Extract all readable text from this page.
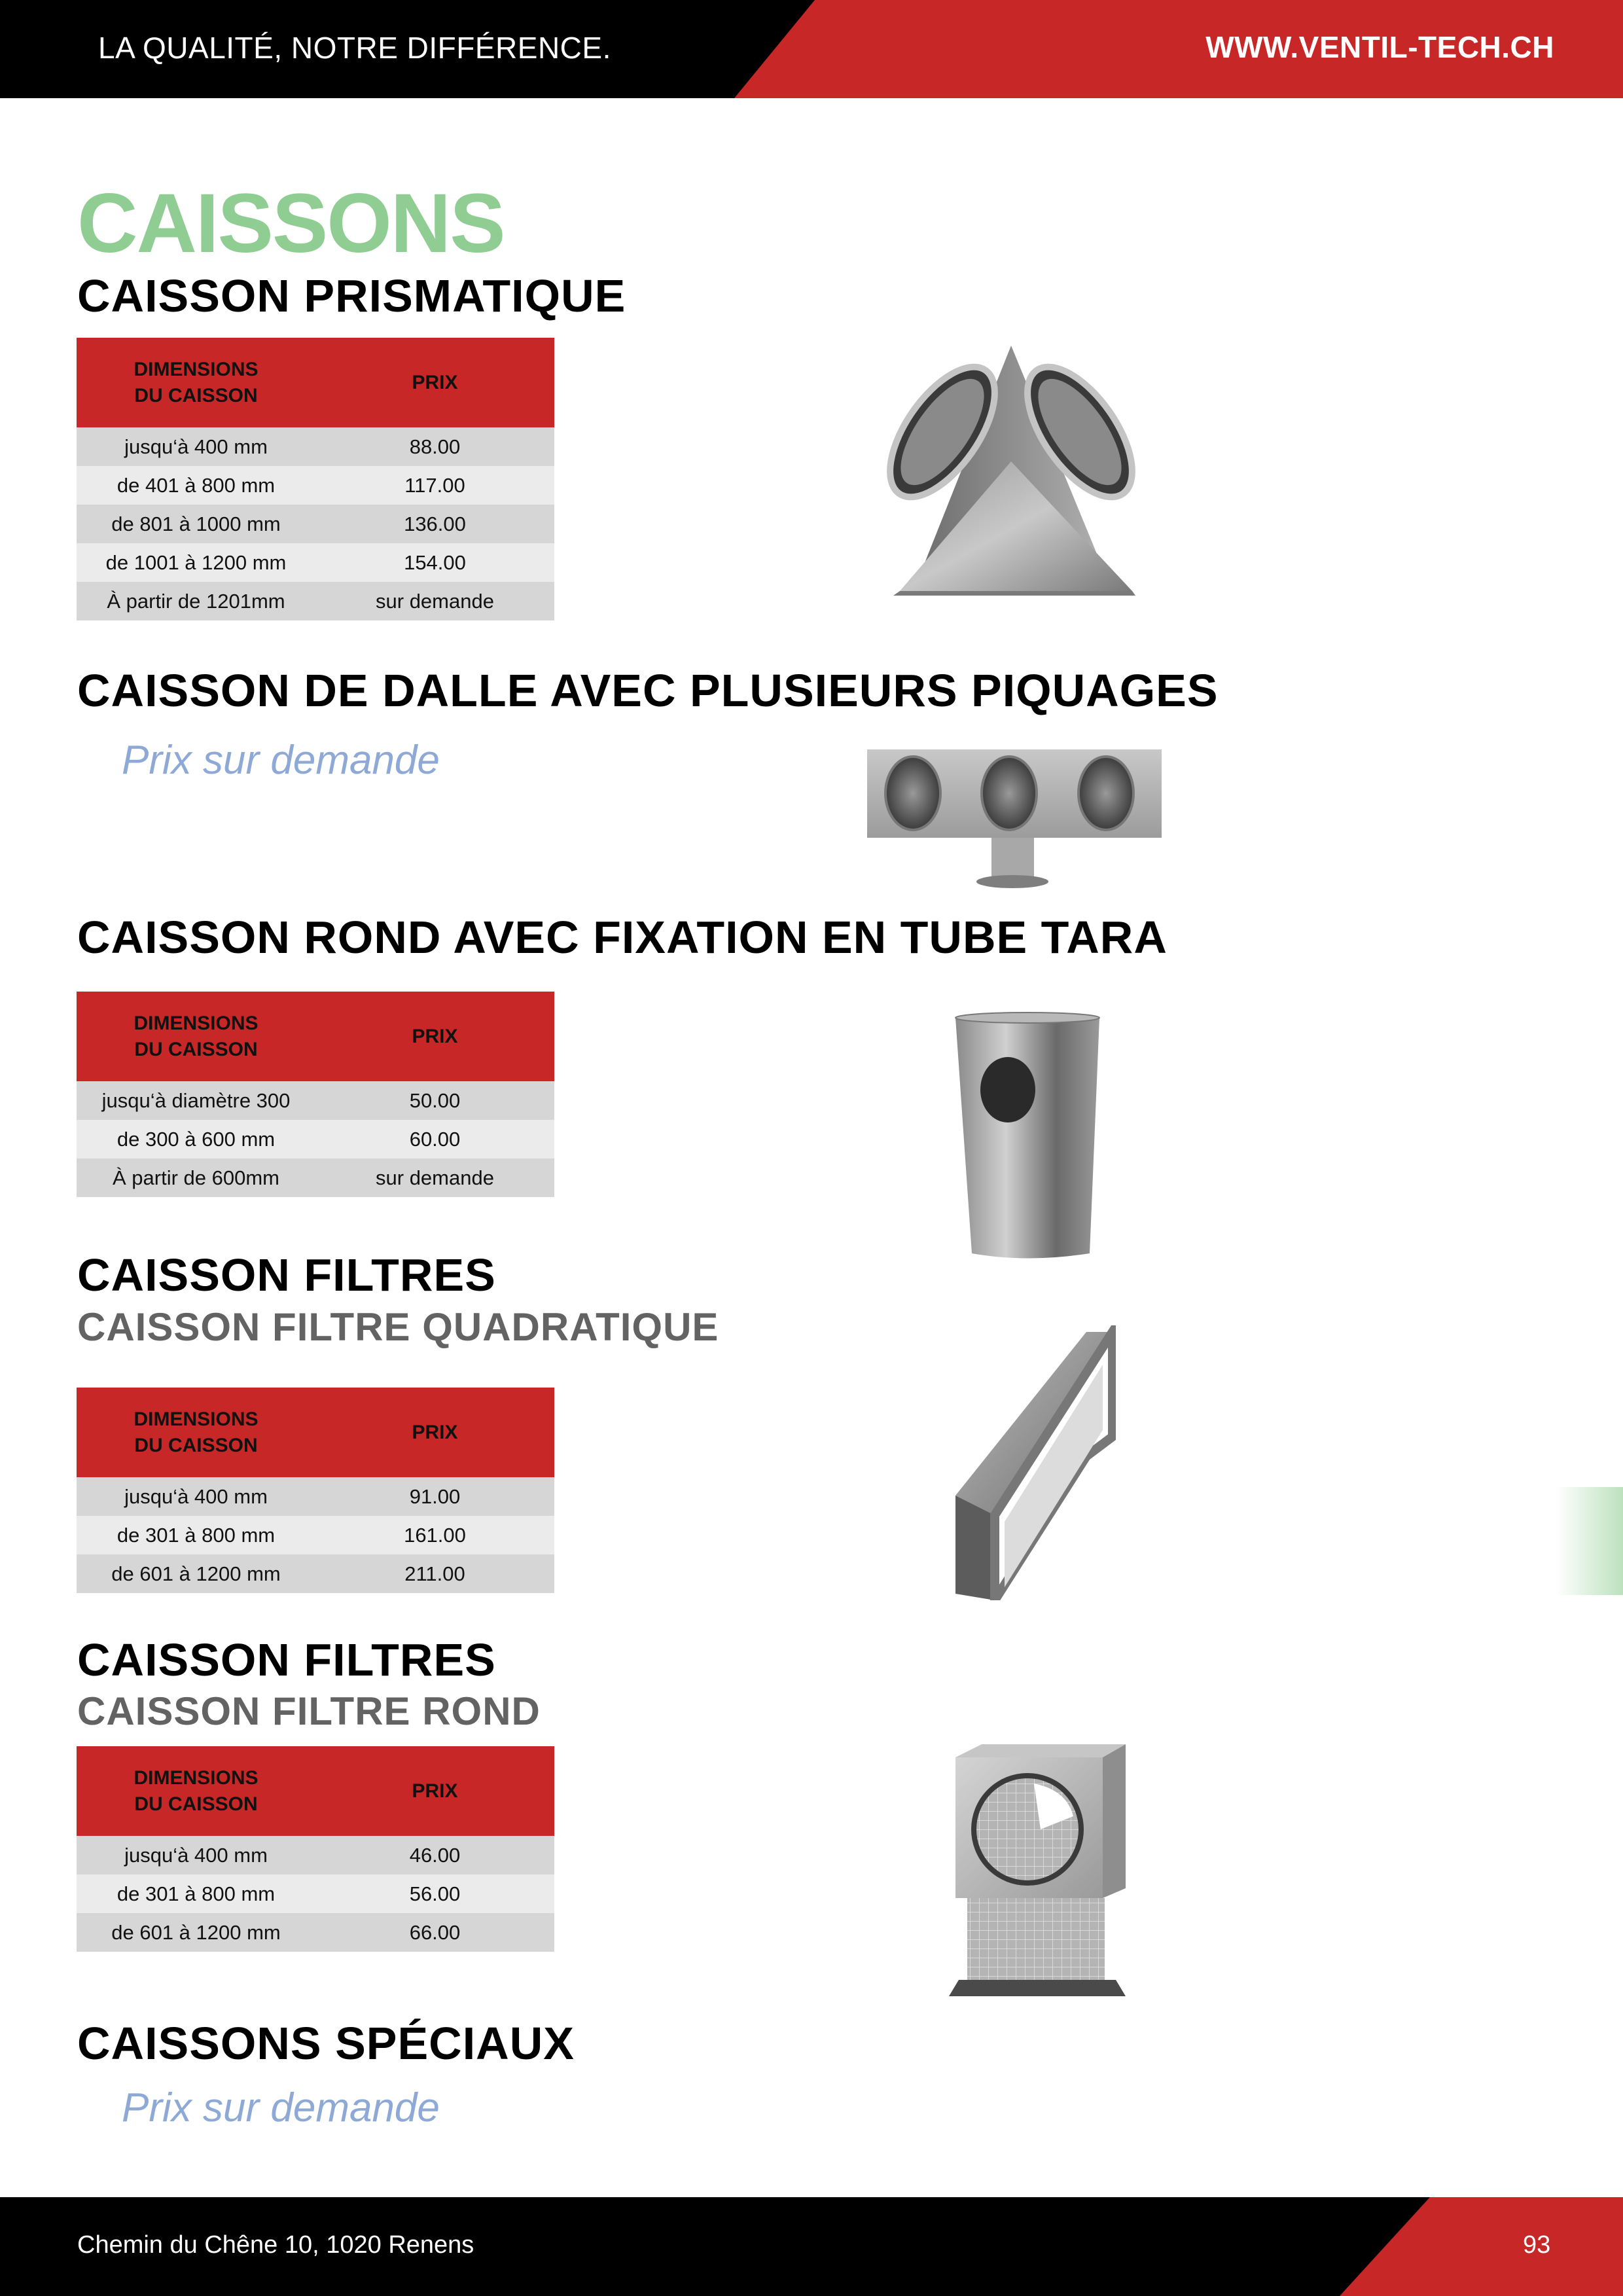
LA QUALITÉ, NOTRE DIFFÉRENCE.	WWW.VENTIL-TECH.CH
CAISSONS
CAISSON PRISMATIQUE
DIMENSIONS
DU CAISSON	PRIX
jusqu‘à 400 mm	88.00
de 401 à 800 mm	117.00
de 801 à 1000 mm	136.00
de 1001 à 1200 mm	154.00
À partir de 1201mm	sur demande
CAISSON DE DALLE AVEC PLUSIEURS PIQUAGES
Prix sur demande
CAISSON ROND AVEC FIXATION EN TUBE TARA
DIMENSIONS
DU CAISSON	PRIX
jusqu‘à diamètre 300	50.00
de 300 à 600 mm	60.00
À partir de 600mm	sur demande
CAISSON FILTRES
CAISSON FILTRE QUADRATIQUE
DIMENSIONS
DU CAISSON	PRIX
jusqu‘à 400 mm	91.00
de 301 à 800 mm	161.00
de 601 à 1200 mm	211.00
CAISSON FILTRES
CAISSON FILTRE ROND
DIMENSIONS
DU CAISSON	PRIX
jusqu‘à 400 mm	46.00
de 301 à 800 mm	56.00
de 601 à 1200 mm	66.00
CAISSONS SPÉCIAUX
Prix sur demande
Chemin du Chêne 10, 1020 Renens	93
